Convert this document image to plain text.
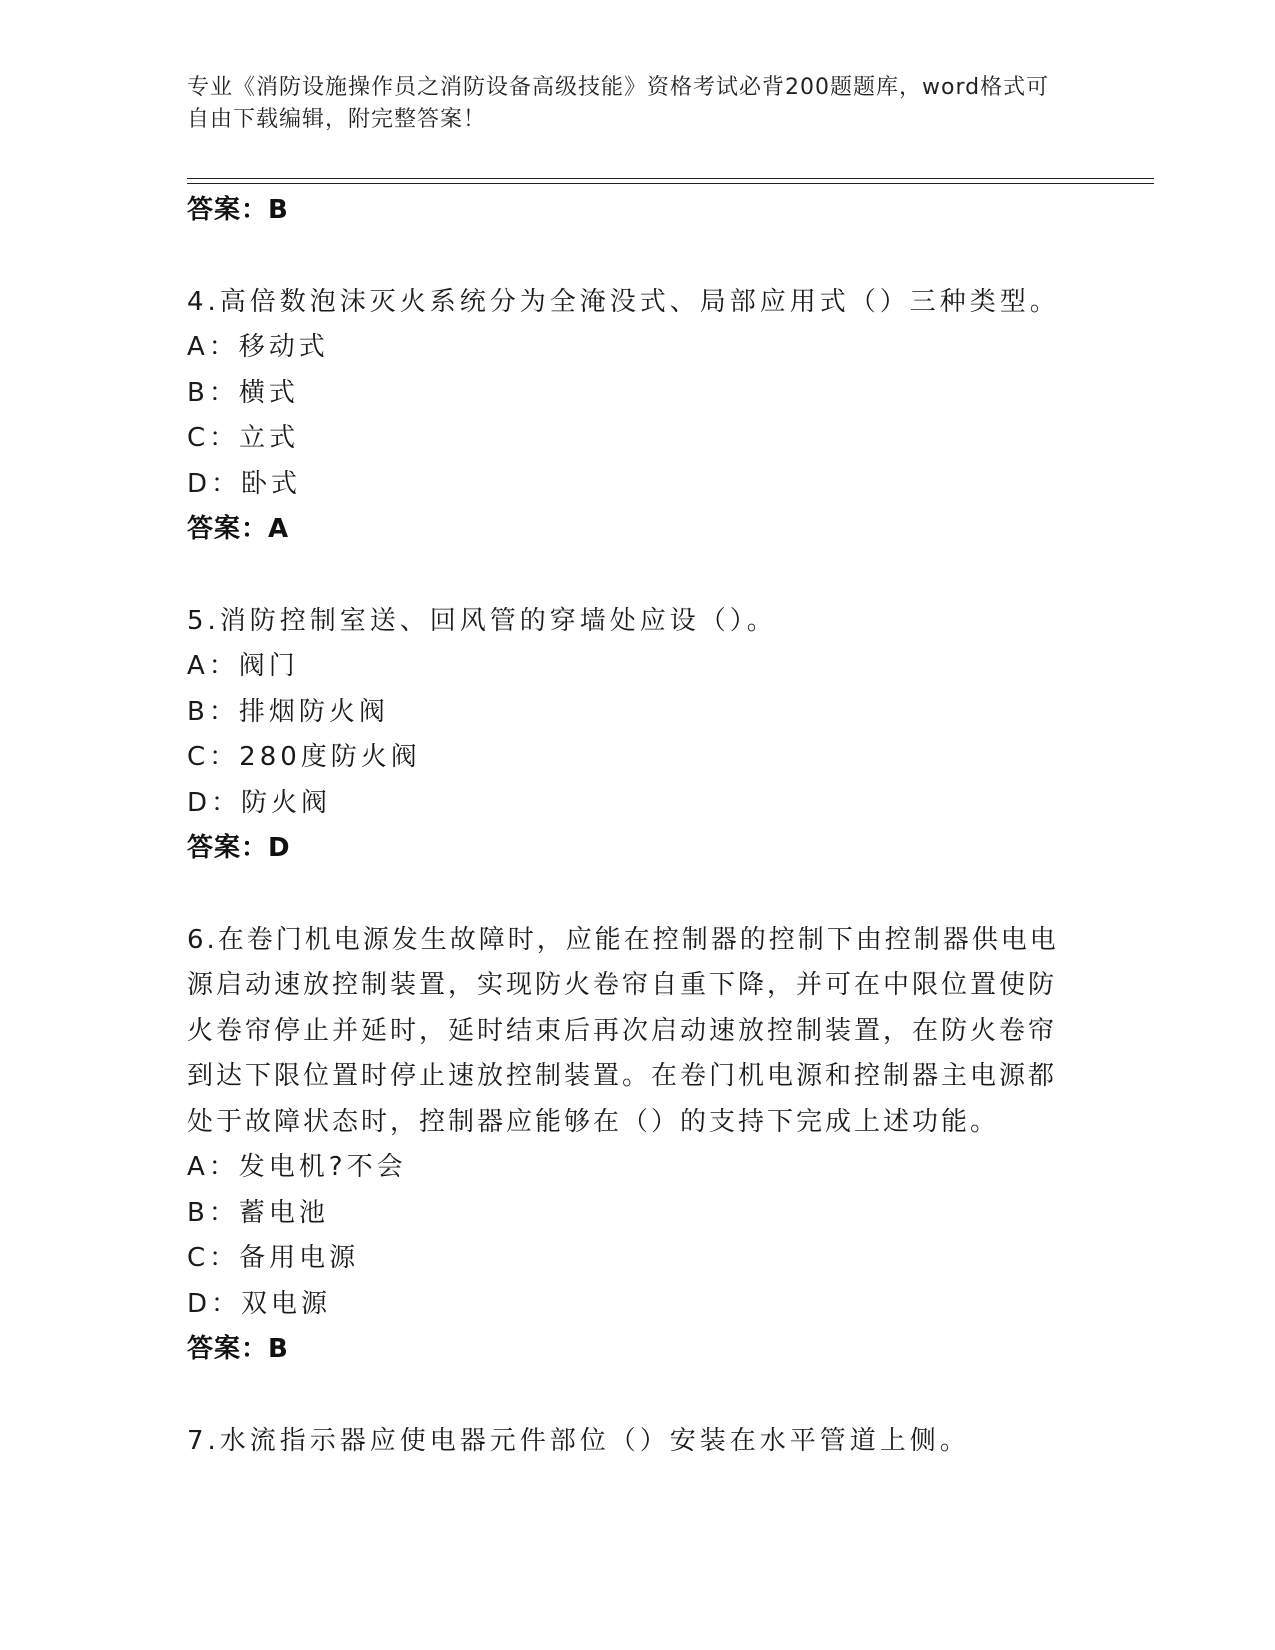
专业《消防设施操作员之消防设备高级技能》资格考试必背200题题库，word格式可自由下载编辑，附完整答案！
答案：B
4.高倍数泡沫灭火系统分为全淹没式、局部应用式（）三种类型。
A：移动式
B：横式
C：立式
D：卧式
答案：A
5.消防控制室送、回风管的穿墙处应设（）。
A：阀门
B：排烟防火阀
C：280度防火阀
D：防火阀
答案：D
6.在卷门机电源发生故障时，应能在控制器的控制下由控制器供电电源启动速放控制装置，实现防火卷帘自重下降，并可在中限位置使防火卷帘停止并延时，延时结束后再次启动速放控制装置，在防火卷帘到达下限位置时停止速放控制装置。在卷门机电源和控制器主电源都处于故障状态时，控制器应能够在（）的支持下完成上述功能。
A：发电机?不会
B：蓄电池
C：备用电源
D：双电源
答案：B
7.水流指示器应使电器元件部位（）安装在水平管道上侧。
